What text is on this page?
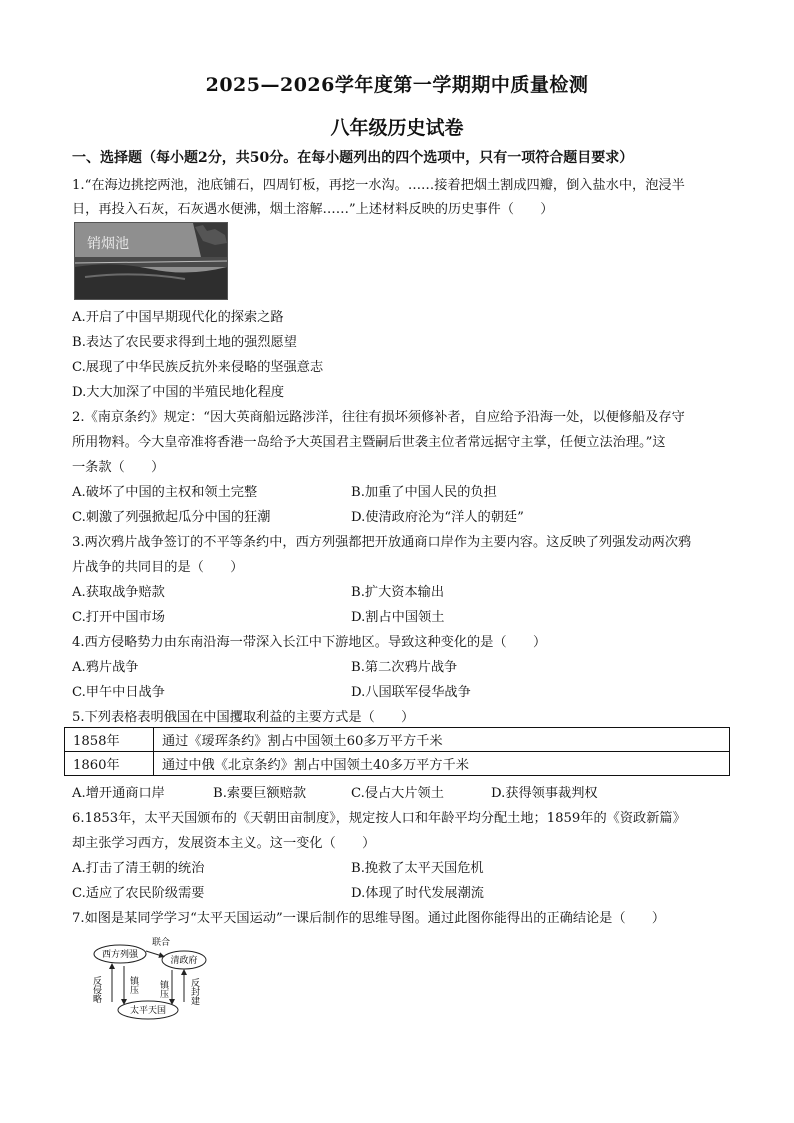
2025—2026学年度第一学期期中质量检测
八年级历史试卷
一、选择题（每小题2分，共50分。在每小题列出的四个选项中，只有一项符合题目要求）
1.“在海边挑挖两池，池底铺石，四周钉板，再挖一水沟。……接着把烟土割成四瓣，倒入盐水中，泡浸半
日，再投入石灰，石灰遇水便沸，烟土溶解……”上述材料反映的历史事件（　　）
销烟池
A.开启了中国早期现代化的探索之路
B.表达了农民要求得到土地的强烈愿望
C.展现了中华民族反抗外来侵略的坚强意志
D.大大加深了中国的半殖民地化程度
2.《南京条约》规定：“因大英商船远路涉洋，往往有损坏须修补者，自应给予沿海一处，以便修船及存守
所用物料。今大皇帝准将香港一岛给予大英国君主暨嗣后世袭主位者常远据守主掌，任便立法治理。”这
一条款（　　）
A.破坏了中国的主权和领土完整	B.加重了中国人民的负担
C.刺激了列强掀起瓜分中国的狂潮	D.使清政府沦为“洋人的朝廷”
3.两次鸦片战争签订的不平等条约中，西方列强都把开放通商口岸作为主要内容。这反映了列强发动两次鸦
片战争的共同目的是（　　）
A.获取战争赔款	B.扩大资本输出
C.打开中国市场	D.割占中国领土
4.西方侵略势力由东南沿海一带深入长江中下游地区。导致这种变化的是（　　）
A.鸦片战争	B.第二次鸦片战争
C.甲午中日战争	D.八国联军侵华战争
5.下列表格表明俄国在中国攫取利益的主要方式是（　　）
1858年	通过《瑷珲条约》割占中国领土60多万平方千米
1860年	通过中俄《北京条约》割占中国领土40多万平方千米
A.增开通商口岸	B.索要巨额赔款	C.侵占大片领土	D.获得领事裁判权
6.1853年，太平天国颁布的《天朝田亩制度》，规定按人口和年龄平均分配土地；1859年的《资政新篇》
却主张学习西方，发展资本主义。这一变化（　　）
A.打击了清王朝的统治	B.挽救了太平天国危机
C.适应了农民阶级需要	D.体现了时代发展潮流
7.如图是某同学学习“太平天国运动”一课后制作的思维导图。通过此图你能得出的正确结论是（　　）
西方列强
清政府
太平天国
联合
反侵略	镇压 镇压 反封建
